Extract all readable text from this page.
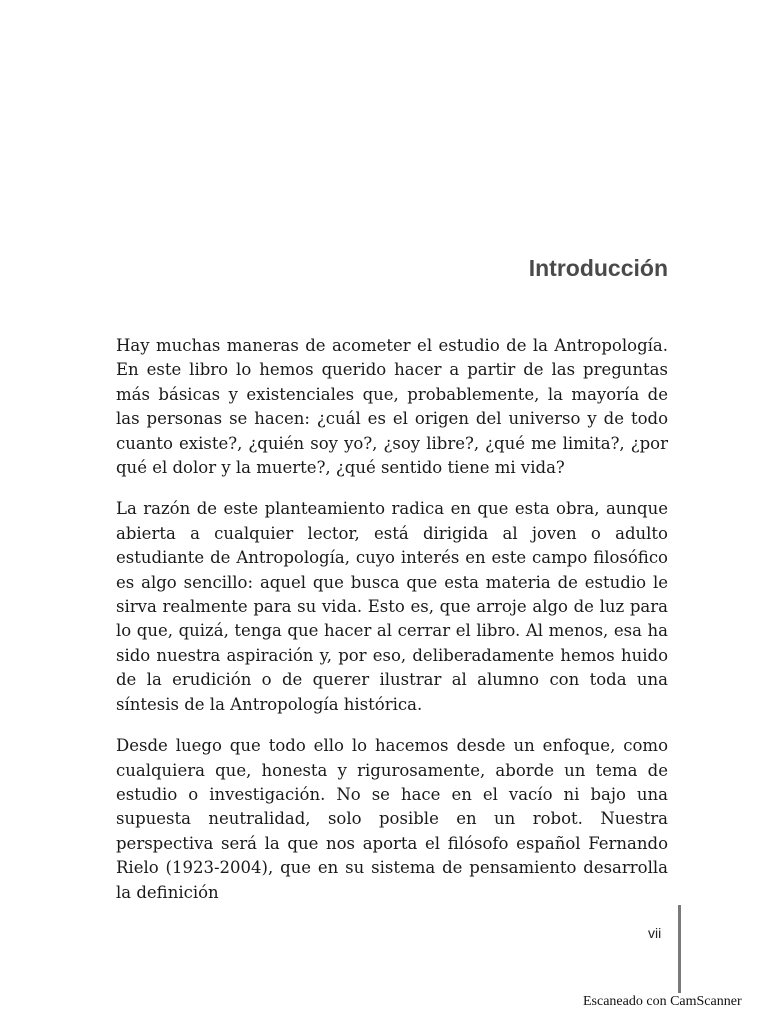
Introducción

Hay muchas maneras de acometer el estudio de la Antropología. En este libro lo hemos querido hacer a partir de las preguntas más básicas y existenciales que, probablemente, la mayoría de las personas se hacen: ¿cuál es el origen del universo y de todo cuanto existe?, ¿quién soy yo?, ¿soy libre?, ¿qué me limita?, ¿por qué el dolor y la muerte?, ¿qué sentido tiene mi vida?

La razón de este planteamiento radica en que esta obra, aunque abierta a cualquier lector, está dirigida al joven o adulto estudiante de Antropología, cuyo interés en este campo filosófico es algo sencillo: aquel que busca que esta materia de estudio le sirva realmente para su vida. Esto es, que arroje algo de luz para lo que, quizá, tenga que hacer al cerrar el libro. Al menos, esa ha sido nuestra aspiración y, por eso, deliberadamente hemos huido de la erudición o de querer ilustrar al alumno con toda una síntesis de la Antropología histórica.

Desde luego que todo ello lo hacemos desde un enfoque, como cualquiera que, honesta y rigurosamente, aborde un tema de estudio o investigación. No se hace en el vacío ni bajo una supuesta neutralidad, solo posible en un robot. Nuestra perspectiva será la que nos aporta el filósofo español Fernando Rielo (1923-2004), que en su sistema de pensamiento desarrolla la definición

vii
Escaneado con CamScanner
